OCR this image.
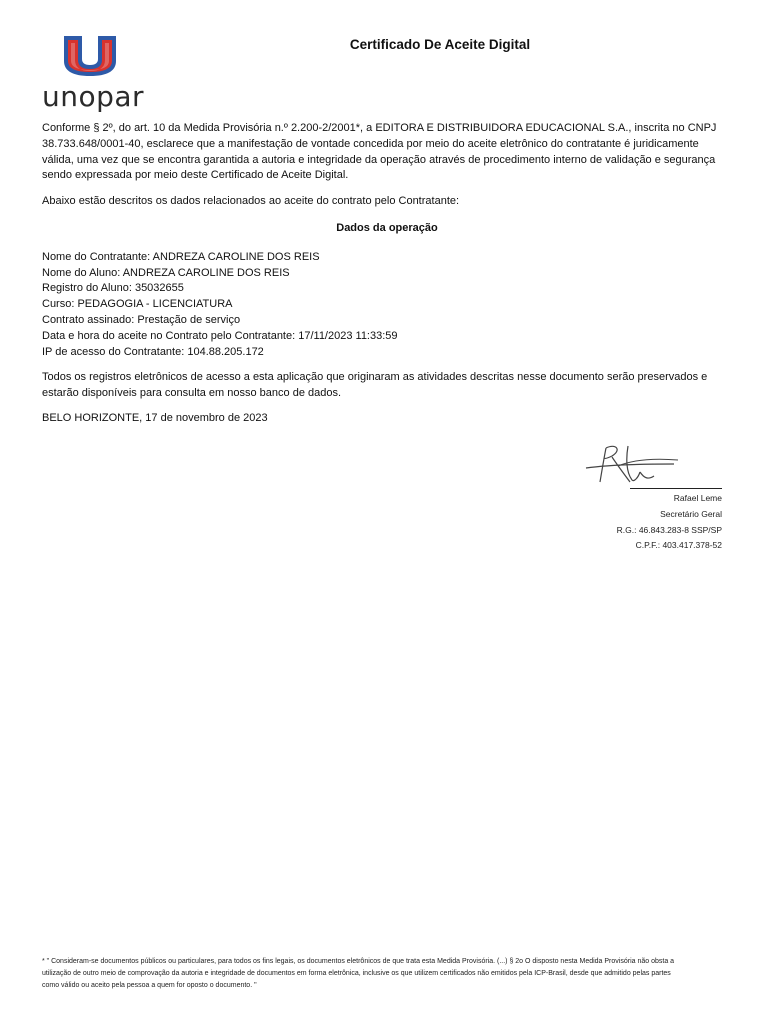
unopar
Certificado De Aceite Digital

Conforme § 2º, do art. 10 da Medida Provisória n.º 2.200-2/2001*, a EDITORA E DISTRIBUIDORA EDUCACIONAL S.A., inscrita no CNPJ 38.733.648/0001-40, esclarece que a manifestação de vontade concedida por meio do aceite eletrônico do contratante é juridicamente válida, uma vez que se encontra garantida a autoria e integridade da operação através de procedimento interno de validação e segurança sendo expressada por meio deste Certificado de Aceite Digital.

Abaixo estão descritos os dados relacionados ao aceite do contrato pelo Contratante:

Dados da operação

Nome do Contratante: ANDREZA CAROLINE DOS REIS
Nome do Aluno: ANDREZA CAROLINE DOS REIS
Registro do Aluno: 35032655
Curso: PEDAGOGIA - LICENCIATURA
Contrato assinado: Prestação de serviço
Data e hora do aceite no Contrato pelo Contratante: 17/11/2023 11:33:59
IP de acesso do Contratante: 104.88.205.172

Todos os registros eletrônicos de acesso a esta aplicação que originaram as atividades descritas nesse documento serão preservados e estarão disponíveis para consulta em nosso banco de dados.

BELO HORIZONTE, 17 de novembro de 2023

Rafael Leme
Secretário Geral
R.G.: 46.843.283-8 SSP/SP
C.P.F.: 403.417.378-52
* " Consideram-se documentos públicos ou particulares, para todos os fins legais, os documentos eletrônicos de que trata esta Medida Provisória. (...) § 2o O disposto nesta Medida Provisória não obsta a
utilização de outro meio de comprovação da autoria e integridade de documentos em forma eletrônica, inclusive os que utilizem certificados não emitidos pela ICP-Brasil, desde que admitido pelas partes
como válido ou aceito pela pessoa a quem for oposto o documento. "
